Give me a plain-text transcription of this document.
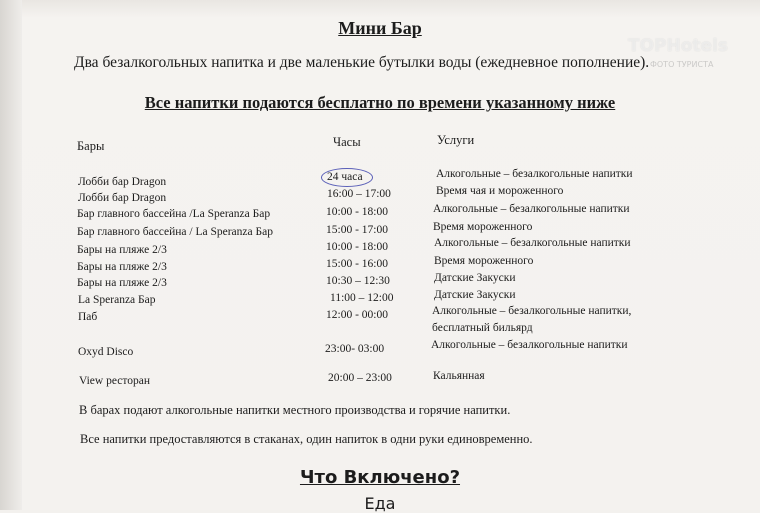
Мини Бар
Два безалкогольных напитка и две маленькие бутылки воды (ежедневное пополнение).
TOPHotels
ФОТО ТУРИСТА
Все напитки подаются бесплатно по времени указанному ниже
Бары	Часы	Услуги
Лобби бар Dragon	24 часа	Алкогольные – безалкогольные напитки
Лобби бар Dragon	16:00 – 17:00	Время чая и мороженного
Бар главного бассейна /La Speranza Бар	10:00 - 18:00	Алкогольные – безалкогольные напитки
Бар главного бассейна / La Speranza Бар	15:00 - 17:00	Время мороженного
Бары на пляже 2/3	10:00 - 18:00	Алкогольные – безалкогольные напитки
Бары на пляже 2/3	15:00 - 16:00	Время мороженного
Бары на пляже 2/3	10:30 – 12:30	Датские Закуски
La Speranza Бар	11:00 – 12:00	Датские Закуски
Паб	12:00 - 00:00	Алкогольные – безалкогольные напитки,
бесплатный бильярд
Oxyd Disco	23:00- 03:00	Алкогольные – безалкогольные напитки
View ресторан	20:00 – 23:00	Кальянная
В барах подают алкогольные напитки местного производства и горячие напитки.
Все напитки предоставляются в стаканах, один напиток в одни руки единовременно.
Что Включено?
Еда
